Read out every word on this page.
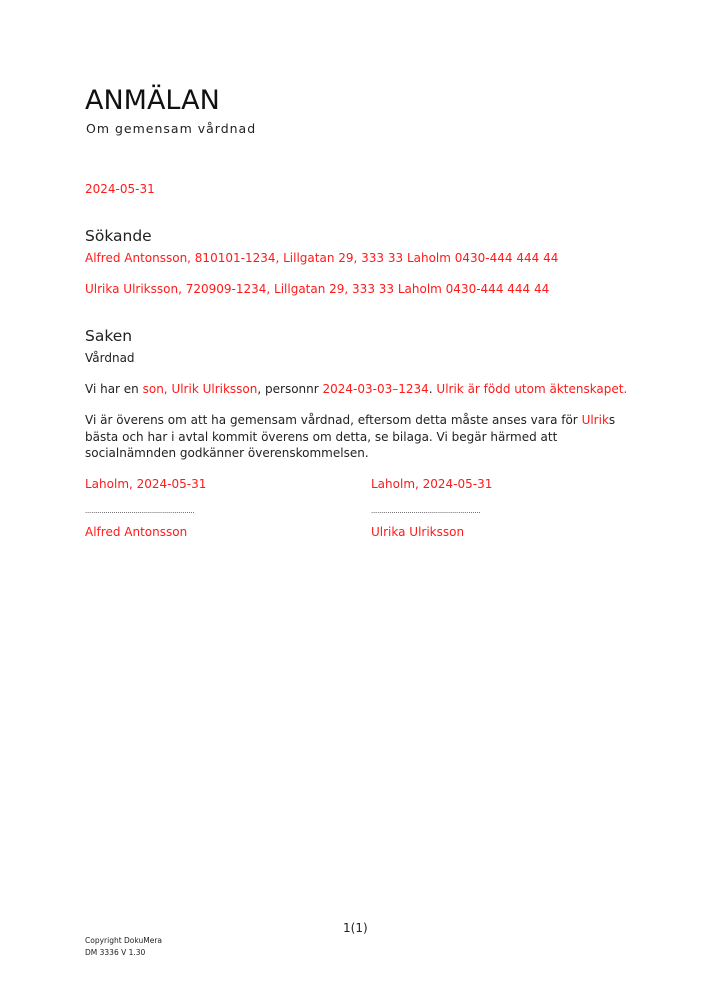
ANMÄLAN
Om gemensam vårdnad
2024-05-31
Sökande
Alfred Antonsson, 810101-1234, Lillgatan 29, 333 33 Laholm 0430-444 444 44
Ulrika Ulriksson, 720909-1234, Lillgatan 29, 333 33 Laholm 0430-444 444 44
Saken
Vårdnad
Vi har en son, Ulrik Ulriksson, personnr 2024-03-03–1234. Ulrik är född utom äktenskapet.
Vi är överens om att ha gemensam vårdnad, eftersom detta måste anses vara för Ulriks bästa och har i avtal kommit överens om detta, se bilaga. Vi begär härmed att socialnämnden godkänner överenskommelsen.
Laholm, 2024-05-31
......................................................
Alfred Antonsson
Laholm, 2024-05-31
......................................................
Ulrika Ulriksson
1(1)
Copyright DokuMera
DM 3336 V 1.30
